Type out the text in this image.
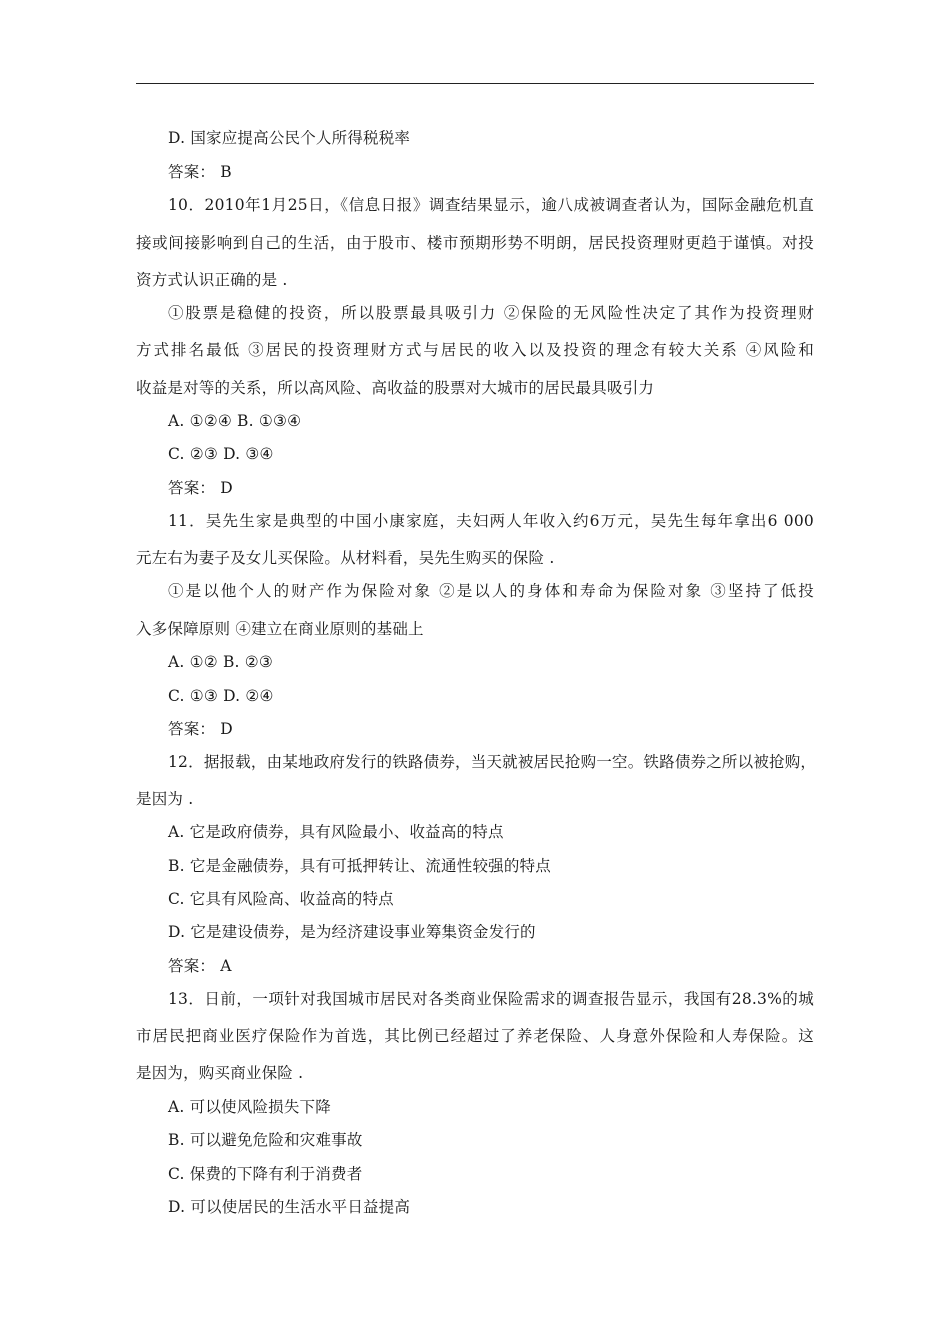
D. 国家应提高公民个人所得税税率
答案： B
10．2010年1月25日，《信息日报》调查结果显示，逾八成被调查者认为，国际金融危机直
接或间接影响到自己的生活，由于股市、楼市预期形势不明朗，居民投资理财更趋于谨慎。对投
资方式认识正确的是 .
①股票是稳健的投资，所以股票最具吸引力 ②保险的无风险性决定了其作为投资理财
方式排名最低 ③居民的投资理财方式与居民的收入以及投资的理念有较大关系 ④风险和
收益是对等的关系，所以高风险、高收益的股票对大城市的居民最具吸引力
A. ①②④ B. ①③④
C. ②③ D. ③④
答案： D
11．吴先生家是典型的中国小康家庭，夫妇两人年收入约6万元，吴先生每年拿出6 000
元左右为妻子及女儿买保险。从材料看，吴先生购买的保险 .
①是以他个人的财产作为保险对象 ②是以人的身体和寿命为保险对象 ③坚持了低投
入多保障原则 ④建立在商业原则的基础上
A. ①② B. ②③
C. ①③ D. ②④
答案： D
12．据报载，由某地政府发行的铁路债券，当天就被居民抢购一空。铁路债券之所以被抢购，
是因为 .
A. 它是政府债券，具有风险最小、收益高的特点
B. 它是金融债券，具有可抵押转让、流通性较强的特点
C. 它具有风险高、收益高的特点
D. 它是建设债券，是为经济建设事业筹集资金发行的
答案： A
13．日前，一项针对我国城市居民对各类商业保险需求的调查报告显示，我国有28.3%的城
市居民把商业医疗保险作为首选，其比例已经超过了养老保险、人身意外保险和人寿保险。这
是因为，购买商业保险 .
A. 可以使风险损失下降
B. 可以避免危险和灾难事故
C. 保费的下降有利于消费者
D. 可以使居民的生活水平日益提高
